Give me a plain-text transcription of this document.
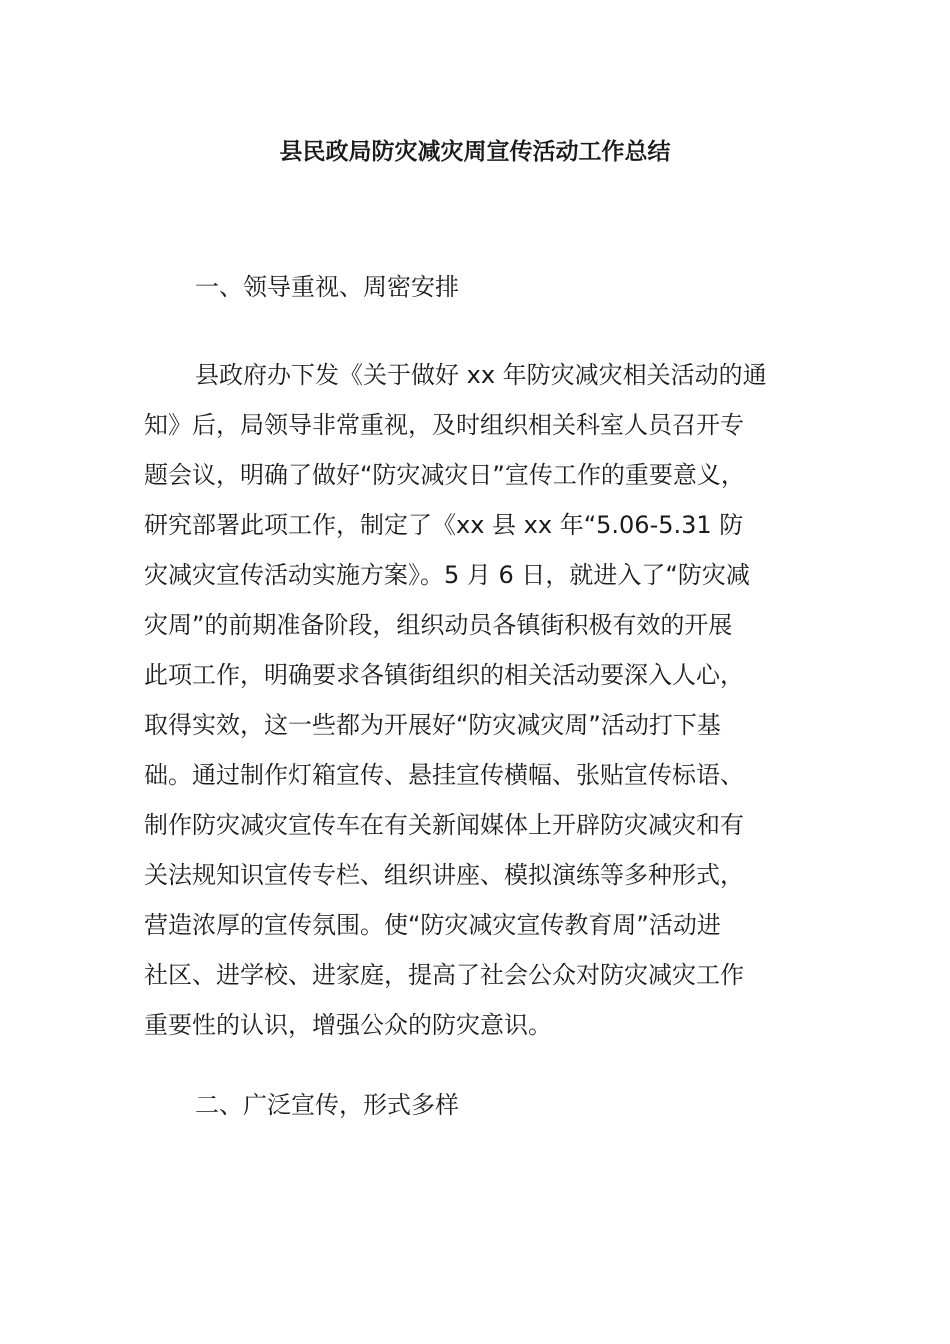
县民政局防灾减灾周宣传活动工作总结
一、领导重视、周密安排
县政府办下发《关于做好 xx 年防灾减灾相关活动的通
知》后，局领导非常重视，及时组织相关科室人员召开专
题会议，明确了做好“防灾减灾日”宣传工作的重要意义，
研究部署此项工作，制定了《xx 县 xx 年“5.06-5.31 防
灾减灾宣传活动实施方案》。5 月 6 日，就进入了“防灾减
灾周”的前期准备阶段，组织动员各镇街积极有效的开展
此项工作，明确要求各镇街组织的相关活动要深入人心，
取得实效，这一些都为开展好“防灾减灾周”活动打下基
础。通过制作灯箱宣传、悬挂宣传横幅、张贴宣传标语、
制作防灾减灾宣传车在有关新闻媒体上开辟防灾减灾和有
关法规知识宣传专栏、组织讲座、模拟演练等多种形式，
营造浓厚的宣传氛围。使“防灾减灾宣传教育周”活动进
社区、进学校、进家庭，提高了社会公众对防灾减灾工作
重要性的认识，增强公众的防灾意识。
二、广泛宣传，形式多样
